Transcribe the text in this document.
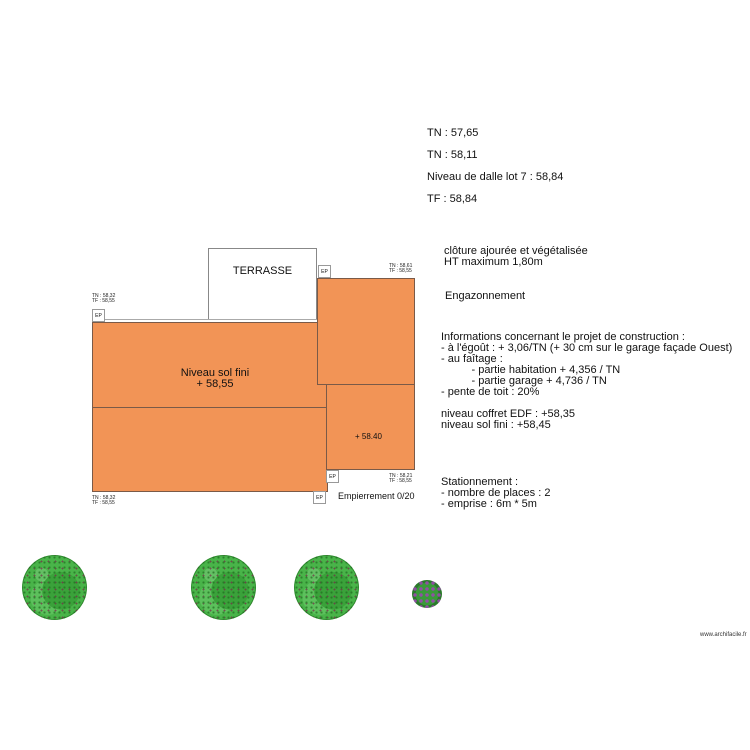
TN : 57,65
TN : 58,11
Niveau de dalle lot 7 : 58,84
TF : 58,84
TERRASSE
Niveau sol fini
+ 58,55
+ 58.40
Empierrement 0/20
EP
EP
EP
EP
TN : 58,32
TF : 58,55
TN : 58,61
TF : 58,55
TN : 58,32
TF : 58,55
TN : 58,21
TF : 58,55
clôture ajourée et végétalisée
HT maximum 1,80m
Engazonnement
Informations concernant le projet de construction :
- à l'égoût : + 3,06/TN (+ 30 cm sur le garage façade Ouest)
- au faîtage :
- partie habitation + 4,356 / TN
- partie garage + 4,736 / TN
- pente de toit : 20%

niveau coffret EDF : +58,35
niveau sol fini : +58,45
Stationnement :
- nombre de places : 2
- emprise : 6m * 5m
www.archifacile.fr
